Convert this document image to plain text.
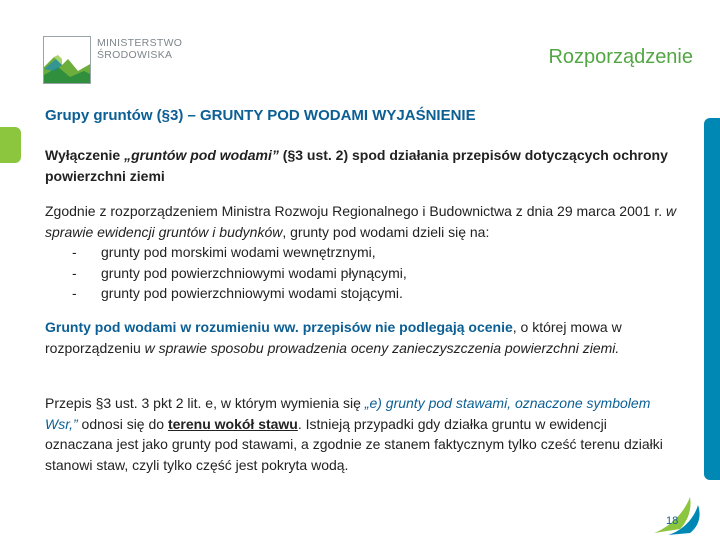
MINISTERSTWO
ŚRODOWISKA	Rozporządzenie
Grupy gruntów (§3) – GRUNTY POD WODAMI WYJAŚNIENIE
Wyłączenie „gruntów pod wodami” (§3 ust. 2) spod działania przepisów dotyczących ochrony powierzchni ziemi
Zgodnie z rozporządzeniem Ministra Rozwoju Regionalnego i Budownictwa z dnia 29 marca 2001 r. w sprawie ewidencji gruntów i budynków, grunty pod wodami dzieli się na:
- grunty pod morskimi wodami wewnętrznymi,
- grunty pod powierzchniowymi wodami płynącymi,
- grunty pod powierzchniowymi wodami stojącymi.
Grunty pod wodami w rozumieniu ww. przepisów nie podlegają ocenie, o której mowa w rozporządzeniu w sprawie sposobu prowadzenia oceny zanieczyszczenia powierzchni ziemi.
Przepis §3 ust. 3 pkt 2 lit. e, w którym wymienia się „e) grunty pod stawami, oznaczone symbolem Wsr,” odnosi się do terenu wokół stawu. Istnieją przypadki gdy działka gruntu w ewidencji oznaczana jest jako grunty pod stawami, a zgodnie ze stanem faktycznym tylko cześć terenu działki stanowi staw, czyli tylko część jest pokryta wodą.
18
